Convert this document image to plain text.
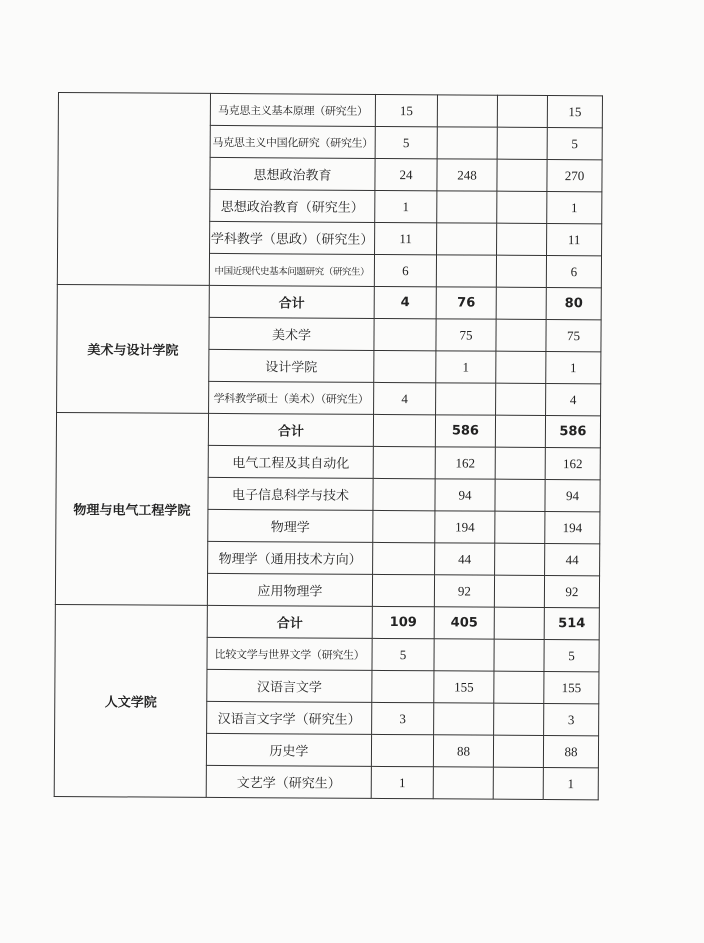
	马克思主义基本原理（研究生）	15			15
	马克思主义中国化研究（研究生）	5			5
	思想政治教育	24	248		270
	思想政治教育（研究生）	1			1
	学科教学（思政）（研究生）	11			11
	中国近现代史基本问题研究（研究生）	6			6
美术与设计学院	合计	4	76		80
	美术学		75		75
	设计学院		1		1
	学科教学硕士（美术）（研究生）	4			4
物理与电气工程学院	合计		586		586
	电气工程及其自动化		162		162
	电子信息科学与技术		94		94
	物理学		194		194
	物理学（通用技术方向）		44		44
	应用物理学		92		92
人文学院	合计	109	405		514
	比较文学与世界文学（研究生）	5			5
	汉语言文学		155		155
	汉语言文字学（研究生）	3			3
	历史学		88		88
	文艺学（研究生）	1			1
